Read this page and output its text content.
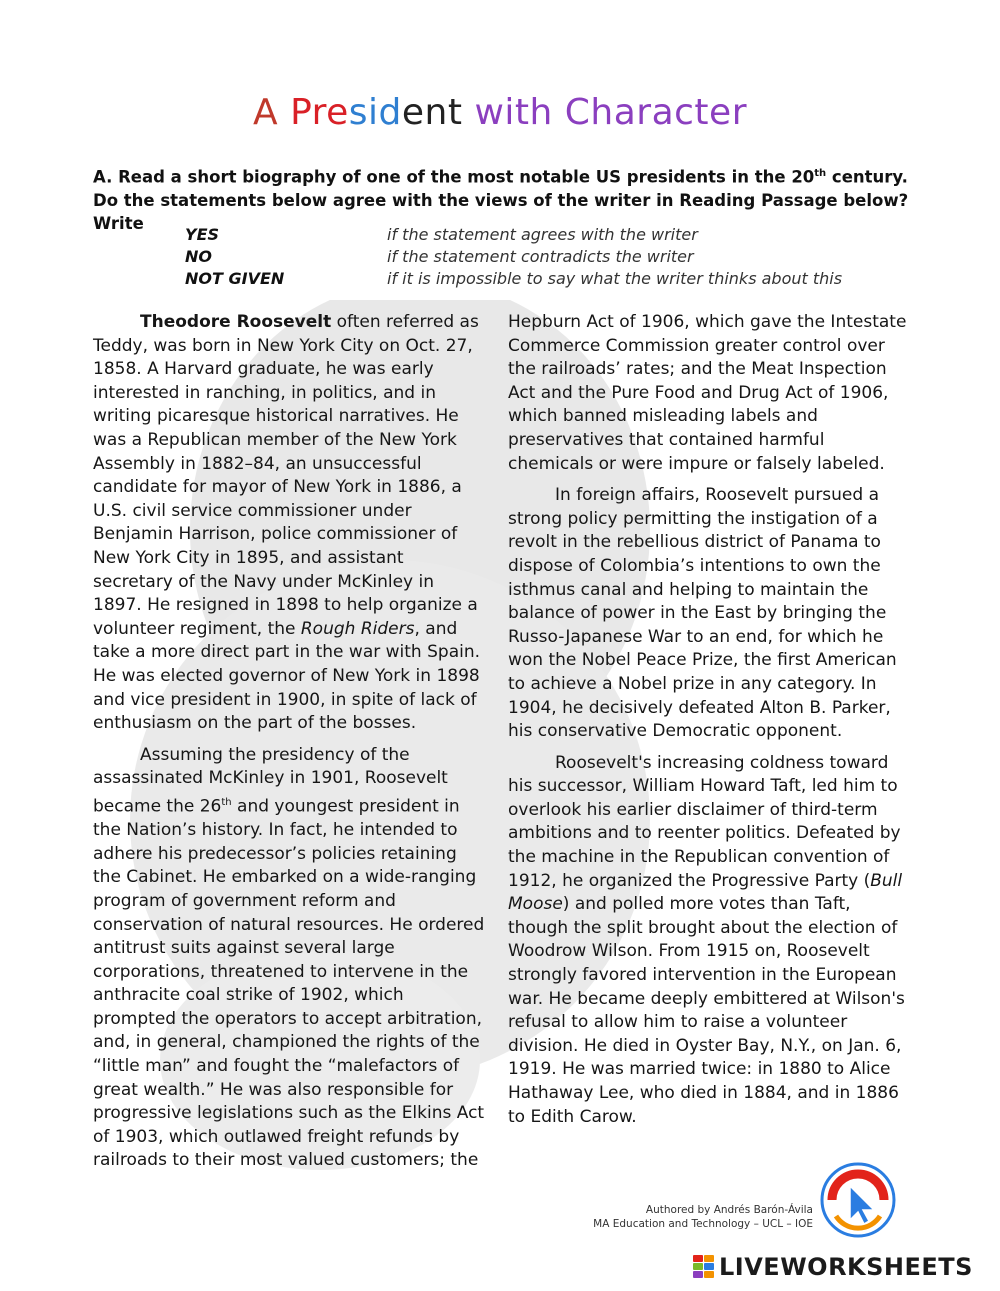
A President with Character
A. Read a short biography of one of the most notable US presidents in the 20th century. Do the statements below agree with the views of the writer in Reading Passage below? Write
YES	if the statement agrees with the writer
NO	if the statement contradicts the writer
NOT GIVEN	if it is impossible to say what the writer thinks about this

Theodore Roosevelt often referred as Teddy, was born in New York City on Oct. 27, 1858. A Harvard graduate, he was early interested in ranching, in politics, and in writing picaresque historical narratives. He was a Republican member of the New York Assembly in 1882–84, an unsuccessful candidate for mayor of New York in 1886, a U.S. civil service commissioner under Benjamin Harrison, police commissioner of New York City in 1895, and assistant secretary of the Navy under McKinley in 1897. He resigned in 1898 to help organize a volunteer regiment, the Rough Riders, and take a more direct part in the war with Spain. He was elected governor of New York in 1898 and vice president in 1900, in spite of lack of enthusiasm on the part of the bosses.

Assuming the presidency of the assassinated McKinley in 1901, Roosevelt became the 26th and youngest president in the Nation’s history. In fact, he intended to adhere his predecessor’s policies retaining the Cabinet. He embarked on a wide-ranging program of government reform and conservation of natural resources. He ordered antitrust suits against several large corporations, threatened to intervene in the anthracite coal strike of 1902, which prompted the operators to accept arbitration, and, in general, championed the rights of the “little man” and fought the “malefactors of great wealth.” He was also responsible for progressive legislations such as the Elkins Act of 1903, which outlawed freight refunds by railroads to their most valued customers; the

Hepburn Act of 1906, which gave the Intestate Commerce Commission greater control over the railroads’ rates; and the Meat Inspection Act and the Pure Food and Drug Act of 1906, which banned misleading labels and preservatives that contained harmful chemicals or were impure or falsely labeled.

In foreign affairs, Roosevelt pursued a strong policy permitting the instigation of a revolt in the rebellious district of Panama to dispose of Colombia’s intentions to own the isthmus canal and helping to maintain the balance of power in the East by bringing the Russo-Japanese War to an end, for which he won the Nobel Peace Prize, the first American to achieve a Nobel prize in any category. In 1904, he decisively defeated Alton B. Parker, his conservative Democratic opponent.

Roosevelt's increasing coldness toward his successor, William Howard Taft, led him to overlook his earlier disclaimer of third-term ambitions and to reenter politics. Defeated by the machine in the Republican convention of 1912, he organized the Progressive Party (Bull Moose) and polled more votes than Taft, though the split brought about the election of Woodrow Wilson. From 1915 on, Roosevelt strongly favored intervention in the European war. He became deeply embittered at Wilson's refusal to allow him to raise a volunteer division. He died in Oyster Bay, N.Y., on Jan. 6, 1919. He was married twice: in 1880 to Alice Hathaway Lee, who died in 1884, and in 1886 to Edith Carow.

Authored by Andrés Barón-Ávila
MA Education and Technology – UCL – IOE
LIVEWORKSHEETS
